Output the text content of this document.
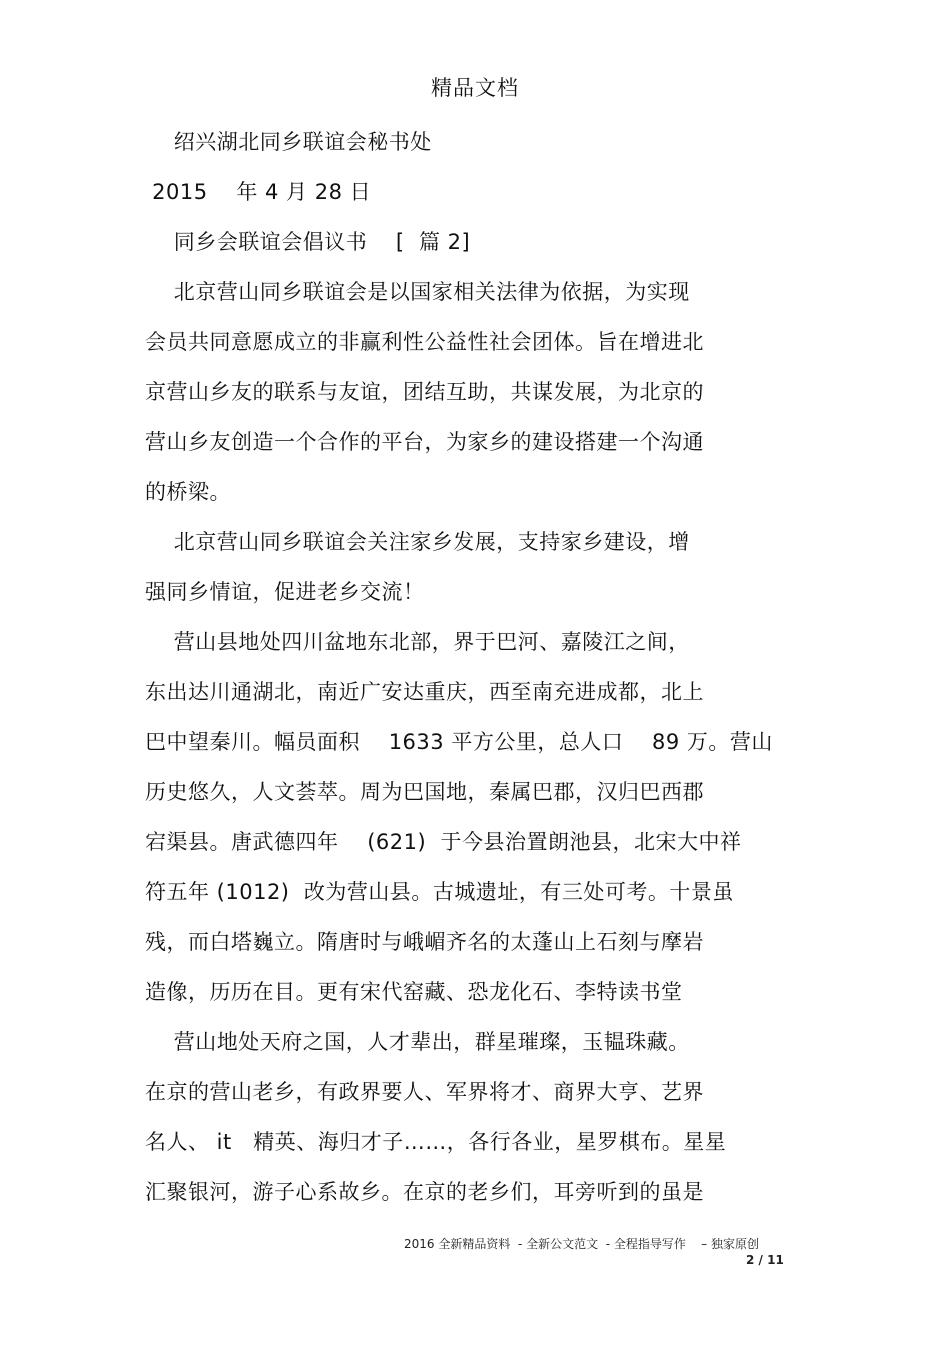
精品文档
绍兴湖北同乡联谊会秘书处
2015    年 4 月 28 日
同乡会联谊会倡议书    [  篇 2]
北京营山同乡联谊会是以国家相关法律为依据，为实现
会员共同意愿成立的非赢利性公益性社会团体。旨在增进北
京营山乡友的联系与友谊，团结互助，共谋发展，为北京的
营山乡友创造一个合作的平台，为家乡的建设搭建一个沟通
的桥梁。
北京营山同乡联谊会关注家乡发展，支持家乡建设，增
强同乡情谊，促进老乡交流！
营山县地处四川盆地东北部，界于巴河、嘉陵江之间，
东出达川通湖北，南近广安达重庆，西至南充进成都，北上
巴中望秦川。幅员面积    1633 平方公里，总人口    89 万。营山
历史悠久，人文荟萃。周为巴国地，秦属巴郡，汉归巴西郡
宕渠县。唐武德四年    (621)  于今县治置朗池县，北宋大中祥
符五年 (1012)  改为营山县。古城遗址，有三处可考。十景虽
残，而白塔巍立。隋唐时与峨嵋齐名的太蓬山上石刻与摩岩
造像，历历在目。更有宋代窑藏、恐龙化石、李特读书堂
营山地处天府之国，人才辈出，群星璀璨，玉韫珠藏。
在京的营山老乡，有政界要人、军界将才、商界大亨、艺界
名人、 it   精英、海归才子……，各行各业，星罗棋布。星星
汇聚银河，游子心系故乡。在京的老乡们，耳旁听到的虽是
2016 全新精品资料  - 全新公文范文  - 全程指导写作    – 独家原创
2 / 11
